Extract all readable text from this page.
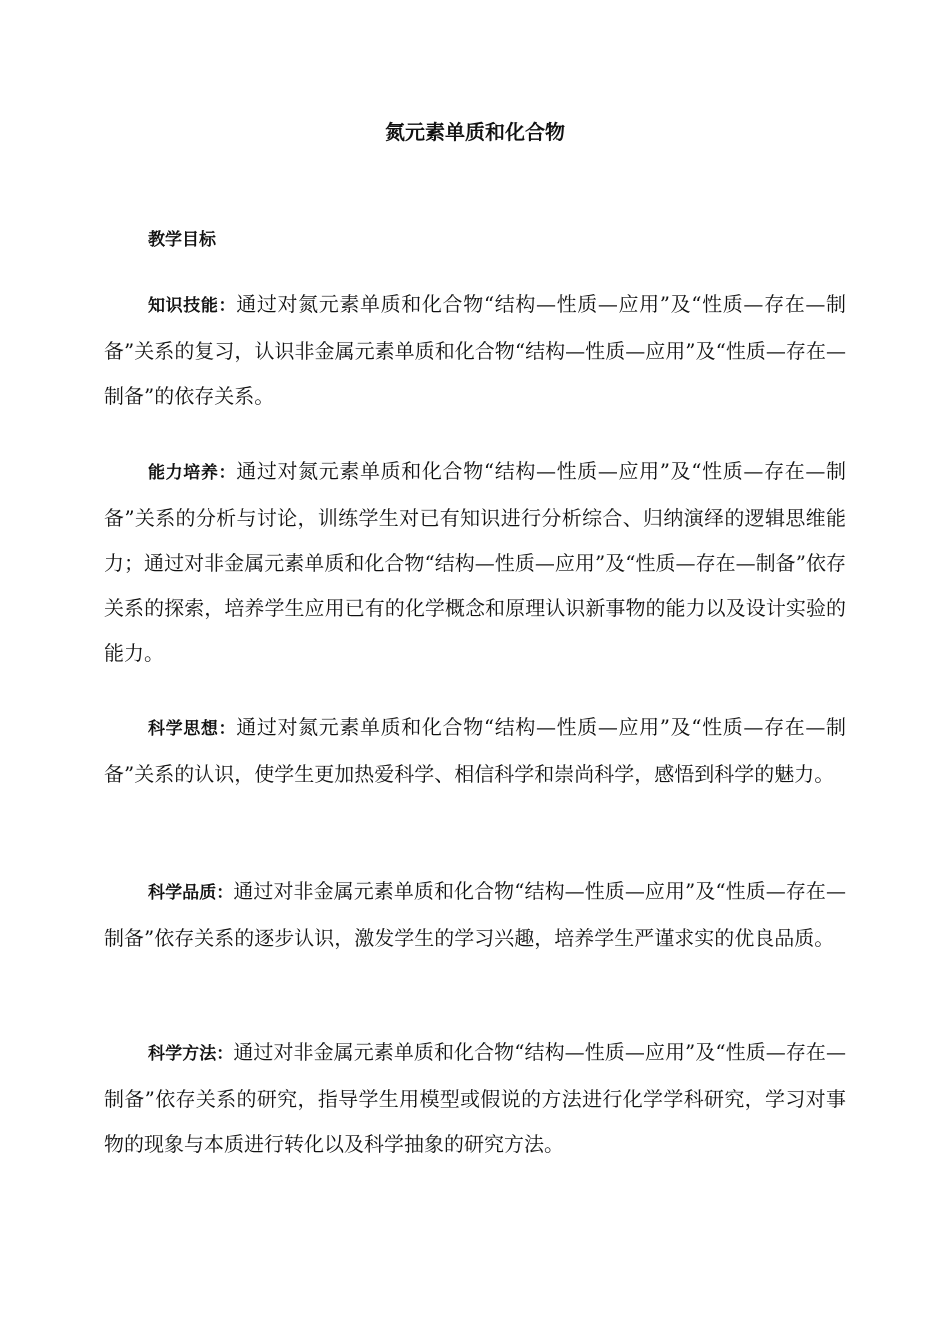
氮元素单质和化合物
教学目标

知识技能：通过对氮元素单质和化合物“结构—性质—应用”及“性质—存在—制备”关系的复习，认识非金属元素单质和化合物“结构—性质—应用”及“性质—存在—制备”的依存关系。

能力培养：通过对氮元素单质和化合物“结构—性质—应用”及“性质—存在—制备”关系的分析与讨论，训练学生对已有知识进行分析综合、归纳演绎的逻辑思维能力；通过对非金属元素单质和化合物“结构—性质—应用”及“性质—存在—制备”依存关系的探索，培养学生应用已有的化学概念和原理认识新事物的能力以及设计实验的能力。

科学思想：通过对氮元素单质和化合物“结构—性质—应用”及“性质—存在—制备”关系的认识，使学生更加热爱科学、相信科学和崇尚科学，感悟到科学的魅力。

科学品质：通过对非金属元素单质和化合物“结构—性质—应用”及“性质—存在—制备”依存关系的逐步认识，激发学生的学习兴趣，培养学生严谨求实的优良品质。

科学方法：通过对非金属元素单质和化合物“结构—性质—应用”及“性质—存在—制备”依存关系的研究，指导学生用模型或假说的方法进行化学学科研究，学习对事物的现象与本质进行转化以及科学抽象的研究方法。
